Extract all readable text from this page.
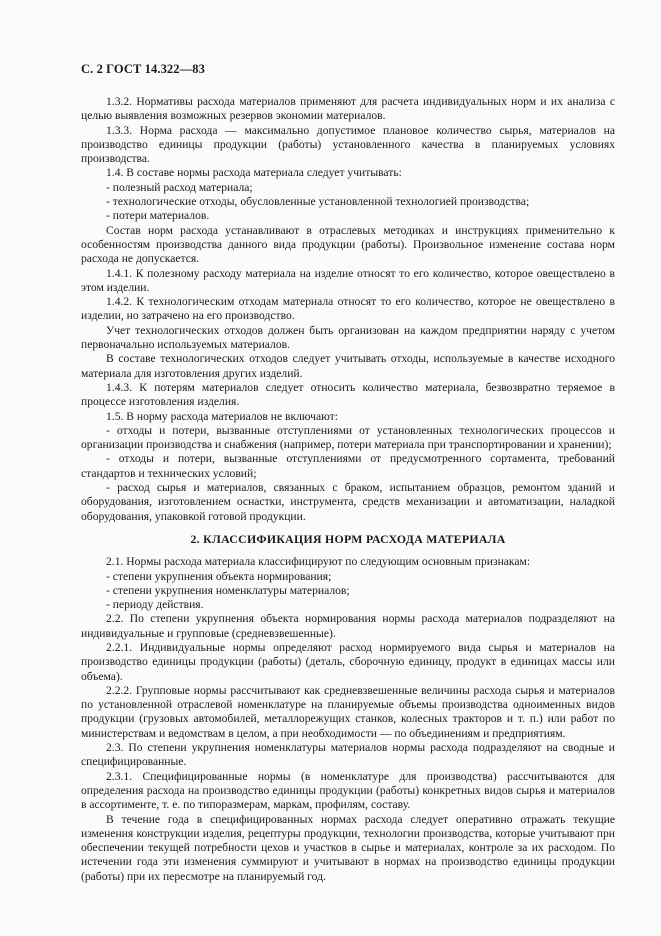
С. 2 ГОСТ 14.322—83

1.3.2. Нормативы расхода материалов применяют для расчета индивидуальных норм и их анализа с целью выявления возможных резервов экономии материалов.

1.3.3. Норма расхода — максимально допустимое плановое количество сырья, материалов на производство единицы продукции (работы) установленного качества в планируемых условиях производства.

1.4. В составе нормы расхода материала следует учитывать:

- полезный расход материала;

- технологические отходы, обусловленные установленной технологией производства;

- потери материалов.

Состав норм расхода устанавливают в отраслевых методиках и инструкциях применительно к особенностям производства данного вида продукции (работы). Произвольное изменение состава норм расхода не допускается.

1.4.1. К полезному расходу материала на изделие относят то его количество, которое овеществлено в этом изделии.

1.4.2. К технологическим отходам материала относят то его количество, которое не овеществлено в изделии, но затрачено на его производство.

Учет технологических отходов должен быть организован на каждом предприятии наряду с учетом первоначально используемых материалов.

В составе технологических отходов следует учитывать отходы, используемые в качестве исходного материала для изготовления других изделий.

1.4.3. К потерям материалов следует относить количество материала, безвозвратно теряемое в процессе изготовления изделия.

1.5. В норму расхода материалов не включают:

- отходы и потери, вызванные отступлениями от установленных технологических процессов и организации производства и снабжения (например, потери материала при транспортировании и хранении);

- отходы и потери, вызванные отступлениями от предусмотренного сортамента, требований стандартов и технических условий;

- расход сырья и материалов, связанных с браком, испытанием образцов, ремонтом зданий и оборудования, изготовлением оснастки, инструмента, средств механизации и автоматизации, наладкой оборудования, упаковкой готовой продукции.

2. КЛАССИФИКАЦИЯ НОРМ РАСХОДА МАТЕРИАЛА

2.1. Нормы расхода материала классифицируют по следующим основным признакам:

- степени укрупнения объекта нормирования;

- степени укрупнения номенклатуры материалов;

- периоду действия.

2.2. По степени укрупнения объекта нормирования нормы расхода материалов подразделяют на индивидуальные и групповые (средневзвешенные).

2.2.1. Индивидуальные нормы определяют расход нормируемого вида сырья и материалов на производство единицы продукции (работы) (деталь, сборочную единицу, продукт в единицах массы или объема).

2.2.2. Групповые нормы рассчитывают как средневзвешенные величины расхода сырья и материалов по установленной отраслевой номенклатуре на планируемые объемы производства одноименных видов продукции (грузовых автомобилей, металлорежущих станков, колесных тракторов и т. п.) или работ по министерствам и ведомствам в целом, а при необходимости — по объединениям и предприятиям.

2.3. По степени укрупнения номенклатуры материалов нормы расхода подразделяют на сводные и специфицированные.

2.3.1. Специфицированные нормы (в номенклатуре для производства) рассчитываются для определения расхода на производство единицы продукции (работы) конкретных видов сырья и материалов в ассортименте, т. е. по типоразмерам, маркам, профилям, составу.

В течение года в специфицированных нормах расхода следует оперативно отражать текущие изменения конструкции изделия, рецептуры продукции, технологии производства, которые учитывают при обеспечении текущей потребности цехов и участков в сырье и материалах, контроле за их расходом. По истечении года эти изменения суммируют и учитывают в нормах на производство единицы продукции (работы) при их пересмотре на планируемый год.
